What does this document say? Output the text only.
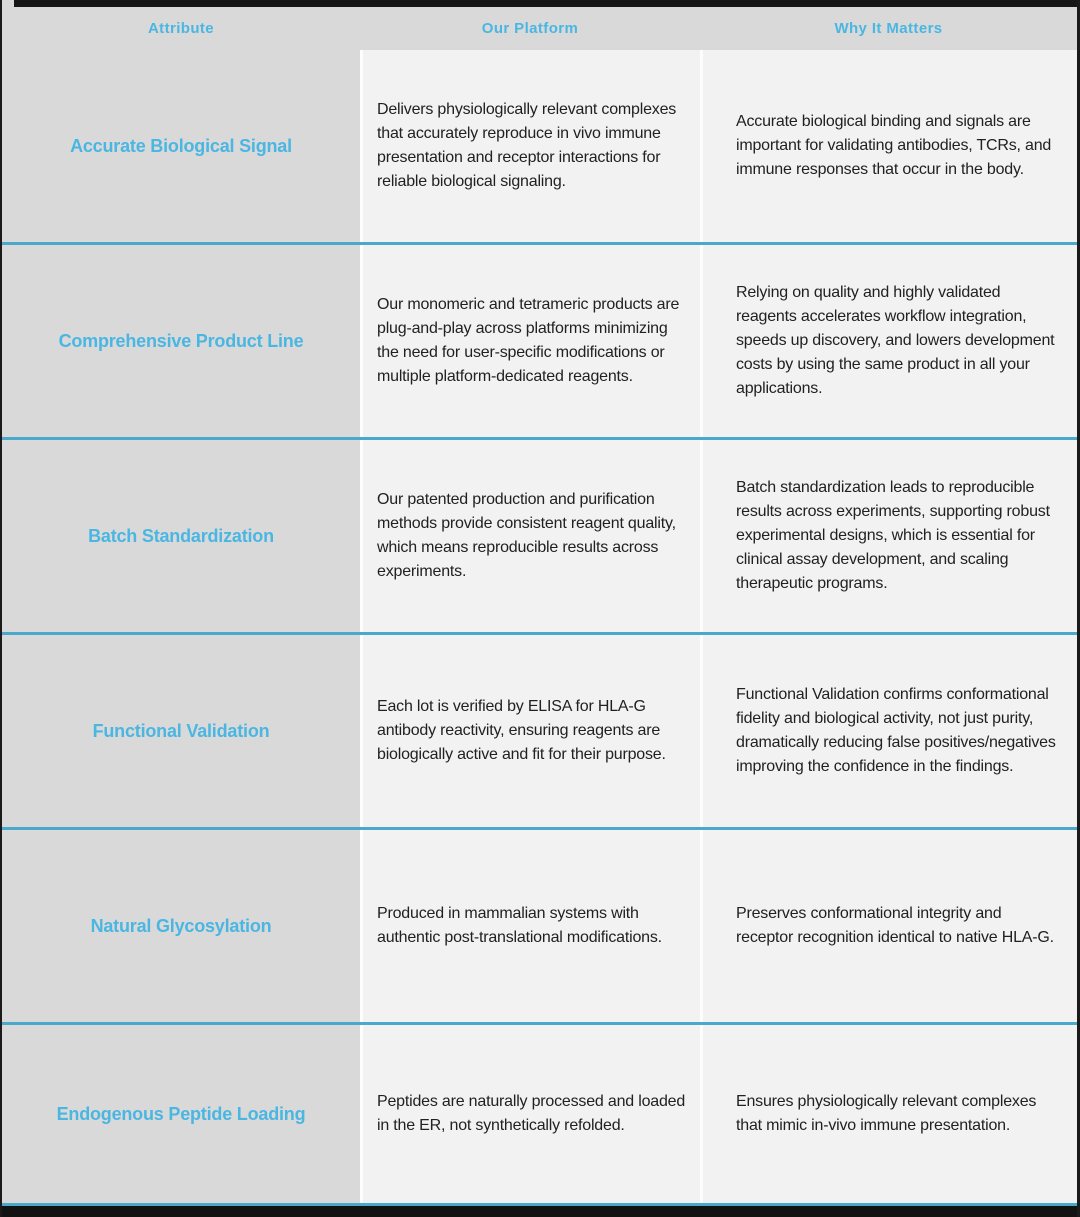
Attribute	Our Platform	Why It Matters
Accurate Biological Signal
Delivers physiologically relevant complexes that accurately reproduce in vivo immune presentation and receptor interactions for reliable biological signaling.
Accurate biological binding and signals are important for validating antibodies, TCRs, and immune responses that occur in the body.
Comprehensive Product Line
Our monomeric and tetrameric products are plug-and-play across platforms minimizing the need for user-specific modifications or multiple platform-dedicated reagents.
Relying on quality and highly validated reagents accelerates workflow integration, speeds up discovery, and lowers development costs by using the same product in all your applications.
Batch Standardization
Our patented production and purification methods provide consistent reagent quality, which means reproducible results across experiments.
Batch standardization leads to reproducible results across experiments, supporting robust experimental designs, which is essential for clinical assay development, and scaling therapeutic programs.
Functional Validation
Each lot is verified by ELISA for HLA-G antibody reactivity, ensuring reagents are biologically active and fit for their purpose.
Functional Validation confirms conformational fidelity and biological activity, not just purity, dramatically reducing false positives/negatives improving the confidence in the findings.
Natural Glycosylation
Produced in mammalian systems with authentic post-translational modifications.
Preserves conformational integrity and receptor recognition identical to native HLA-G.
Endogenous Peptide Loading
Peptides are naturally processed and loaded in the ER, not synthetically refolded.
Ensures physiologically relevant complexes that mimic in-vivo immune presentation.
